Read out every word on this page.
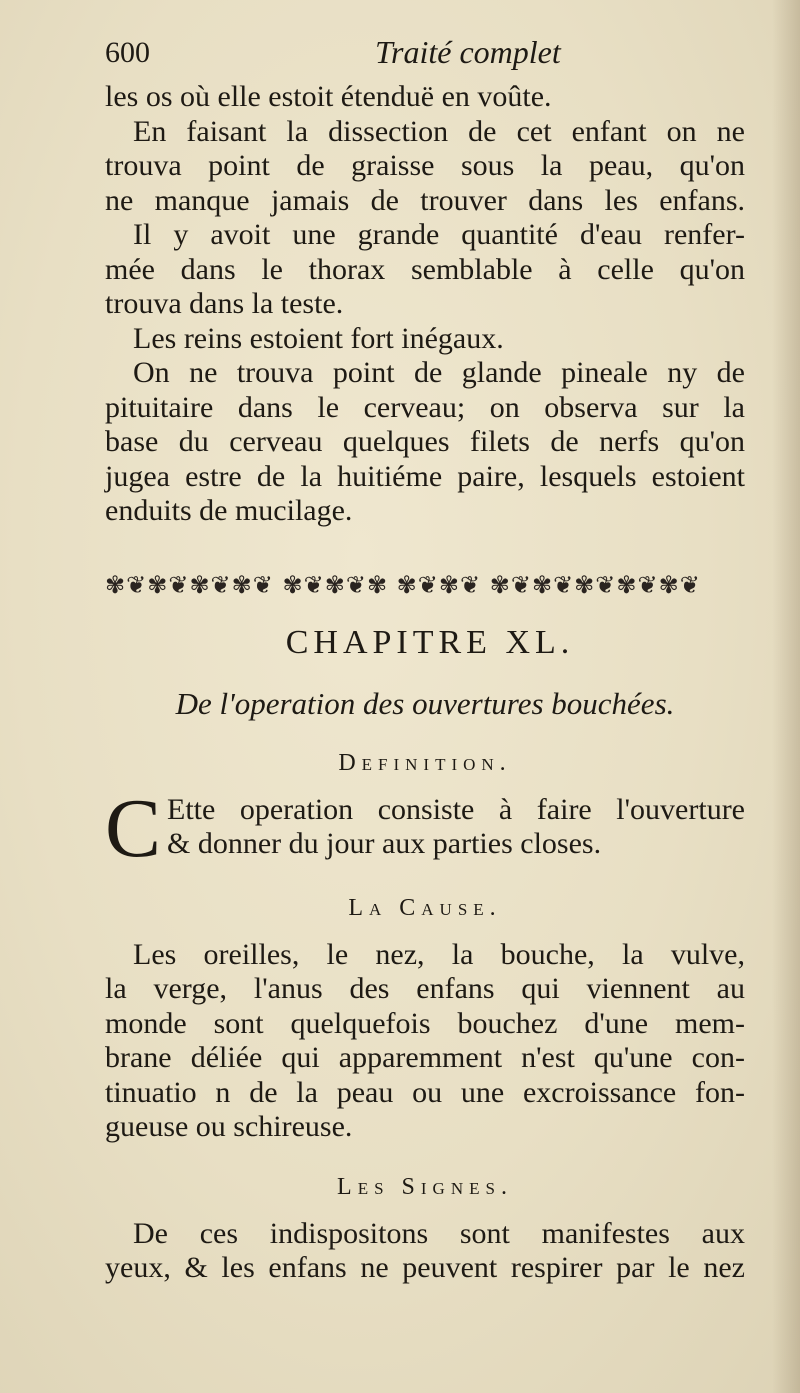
600	Traité complet
les os où elle estoit étenduë en voûte.
En faisant la dissection de cet enfant on ne
trouva point de graisse sous la peau, qu'on
ne manque jamais de trouver dans les enfans.
Il y avoit une grande quantité d'eau renfer-
mée dans le thorax semblable à celle qu'on
trouva dans la teste.
Les reins estoient fort inégaux.
On ne trouva point de glande pineale ny de
pituitaire dans le cerveau; on observa sur la
base du cerveau quelques filets de nerfs qu'on
jugea estre de la huitiéme paire, lesquels estoient
enduits de mucilage.
✾❦✾❦✾❦✾❦ ✾❦✾❦✾ ✾❦✾❦ ✾❦✾❦✾❦✾❦✾❦
CHAPITRE XL.
De l'operation des ouvertures bouchées.
Definition.
C Ette operation consiste à faire l'ouverture
& donner du jour aux parties closes.
La Cause.
Les oreilles, le nez, la bouche, la vulve,
la verge, l'anus des enfans qui viennent au
monde sont quelquefois bouchez d'une mem-
brane déliée qui apparemment n'est qu'une con-
tinuatio n de la peau ou une excroissance fon-
gueuse ou schireuse.
Les Signes.
De ces indispositons sont manifestes aux
yeux, & les enfans ne peuvent respirer par le nez
